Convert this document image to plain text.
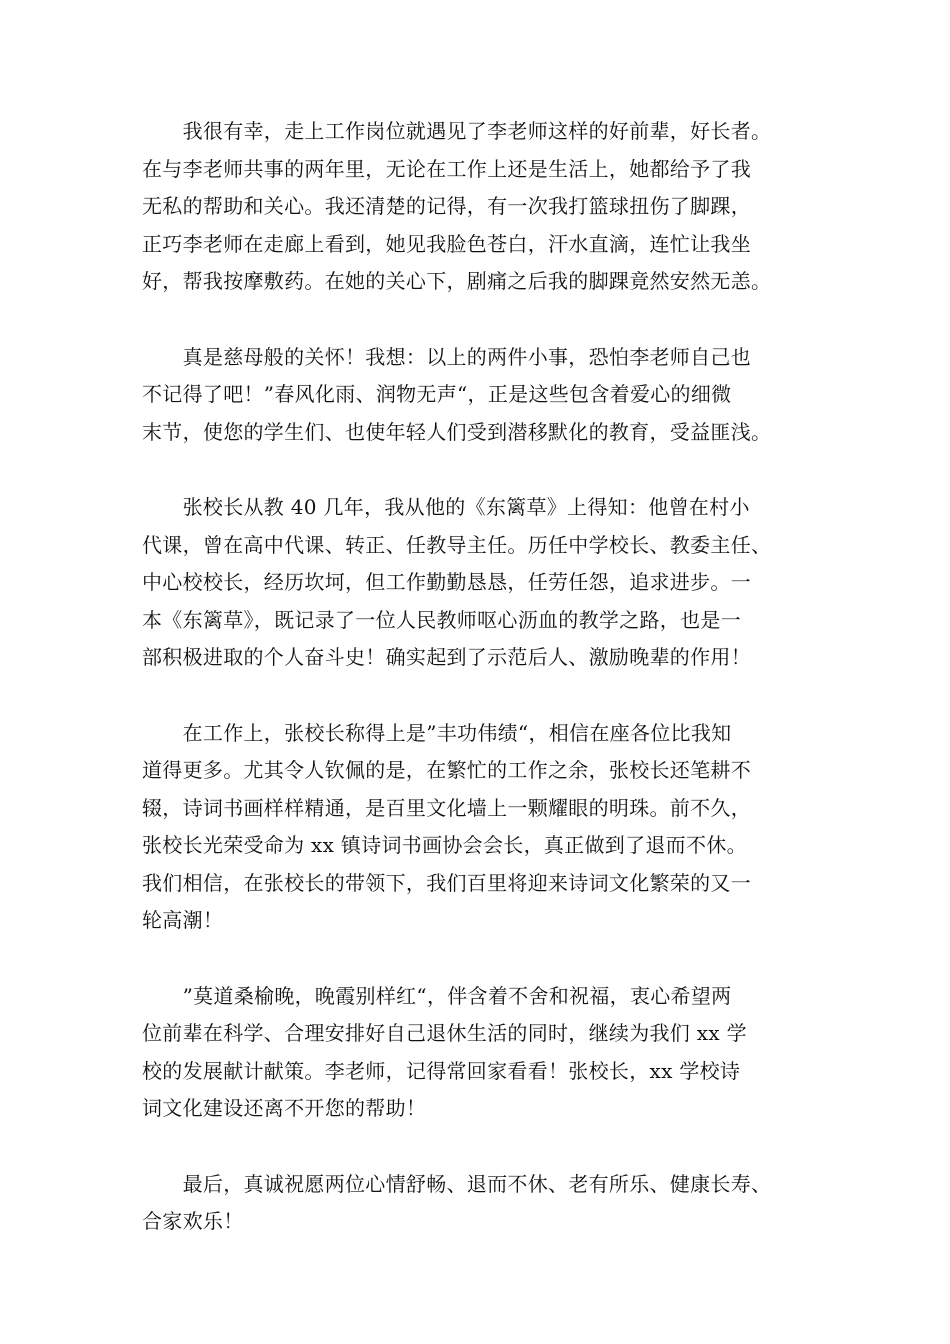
　　我很有幸，走上工作岗位就遇见了李老师这样的好前辈，好长者。
在与李老师共事的两年里，无论在工作上还是生活上，她都给予了我
无私的帮助和关心。我还清楚的记得，有一次我打篮球扭伤了脚踝，
正巧李老师在走廊上看到，她见我脸色苍白，汗水直滴，连忙让我坐
好，帮我按摩敷药。在她的关心下，剧痛之后我的脚踝竟然安然无恙。
　　真是慈母般的关怀！我想：以上的两件小事，恐怕李老师自己也
不记得了吧！”春风化雨、润物无声“，正是这些包含着爱心的细微
末节，使您的学生们、也使年轻人们受到潜移默化的教育，受益匪浅。
　　张校长从教 40 几年，我从他的《东篱草》上得知：他曾在村小
代课，曾在高中代课、转正、任教导主任。历任中学校长、教委主任、
中心校校长，经历坎坷，但工作勤勤恳恳，任劳任怨，追求进步。一
本《东篱草》，既记录了一位人民教师呕心沥血的教学之路，也是一
部积极进取的个人奋斗史！确实起到了示范后人、激励晚辈的作用！
　　在工作上，张校长称得上是”丰功伟绩“，相信在座各位比我知
道得更多。尤其令人钦佩的是，在繁忙的工作之余，张校长还笔耕不
辍，诗词书画样样精通，是百里文化墙上一颗耀眼的明珠。前不久，
张校长光荣受命为 xx 镇诗词书画协会会长，真正做到了退而不休。
我们相信，在张校长的带领下，我们百里将迎来诗词文化繁荣的又一
轮高潮！
　　”莫道桑榆晚，晚霞别样红“，伴含着不舍和祝福，衷心希望两
位前辈在科学、合理安排好自己退休生活的同时，继续为我们 xx 学
校的发展献计献策。李老师，记得常回家看看！张校长，xx 学校诗
词文化建设还离不开您的帮助！
　　最后，真诚祝愿两位心情舒畅、退而不休、老有所乐、健康长寿、
合家欢乐！
